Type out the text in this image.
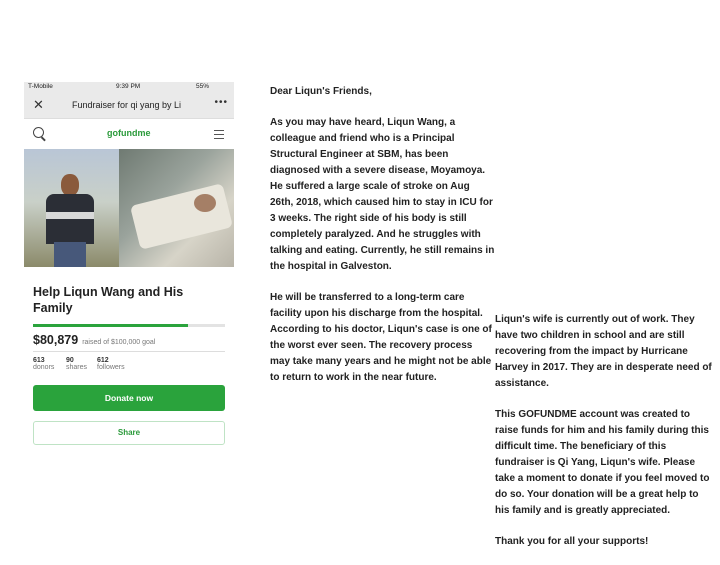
T-Mobile	9:39 PM	55%
✕	Fundraiser for qi yang by Li	•••
gofundme
Help Liqun Wang and His Family
$80,879 raised of $100,000 goal
613
donors
90
shares
612
followers
Donate now
Share

Dear Liqun's Friends,

As you may have heard, Liqun Wang, a colleague and friend who is a Principal Structural Engineer at SBM, has been diagnosed with a severe disease, Moyamoya. He suffered a large scale of stroke on Aug 26th, 2018, which caused him to stay in ICU for 3 weeks. The right side of his body is still completely paralyzed. And he struggles with talking and eating. Currently, he still remains in the hospital in Galveston.

He will be transferred to a long-term care facility upon his discharge from the hospital. According to his doctor, Liqun's case is one of the worst ever seen. The recovery process may take many years and he might not be able to return to work in the near future.

Liqun's wife is currently out of work. They have two children in school and are still recovering from the impact by Hurricane Harvey in 2017. They are in desperate need of assistance.

This GOFUNDME account was created to raise funds for him and his family during this difficult time. The beneficiary of this fundraiser is Qi Yang, Liqun's wife. Please take a moment to donate if you feel moved to do so. Your donation will be a great help to his family and is greatly appreciated.

Thank you for all your supports!
